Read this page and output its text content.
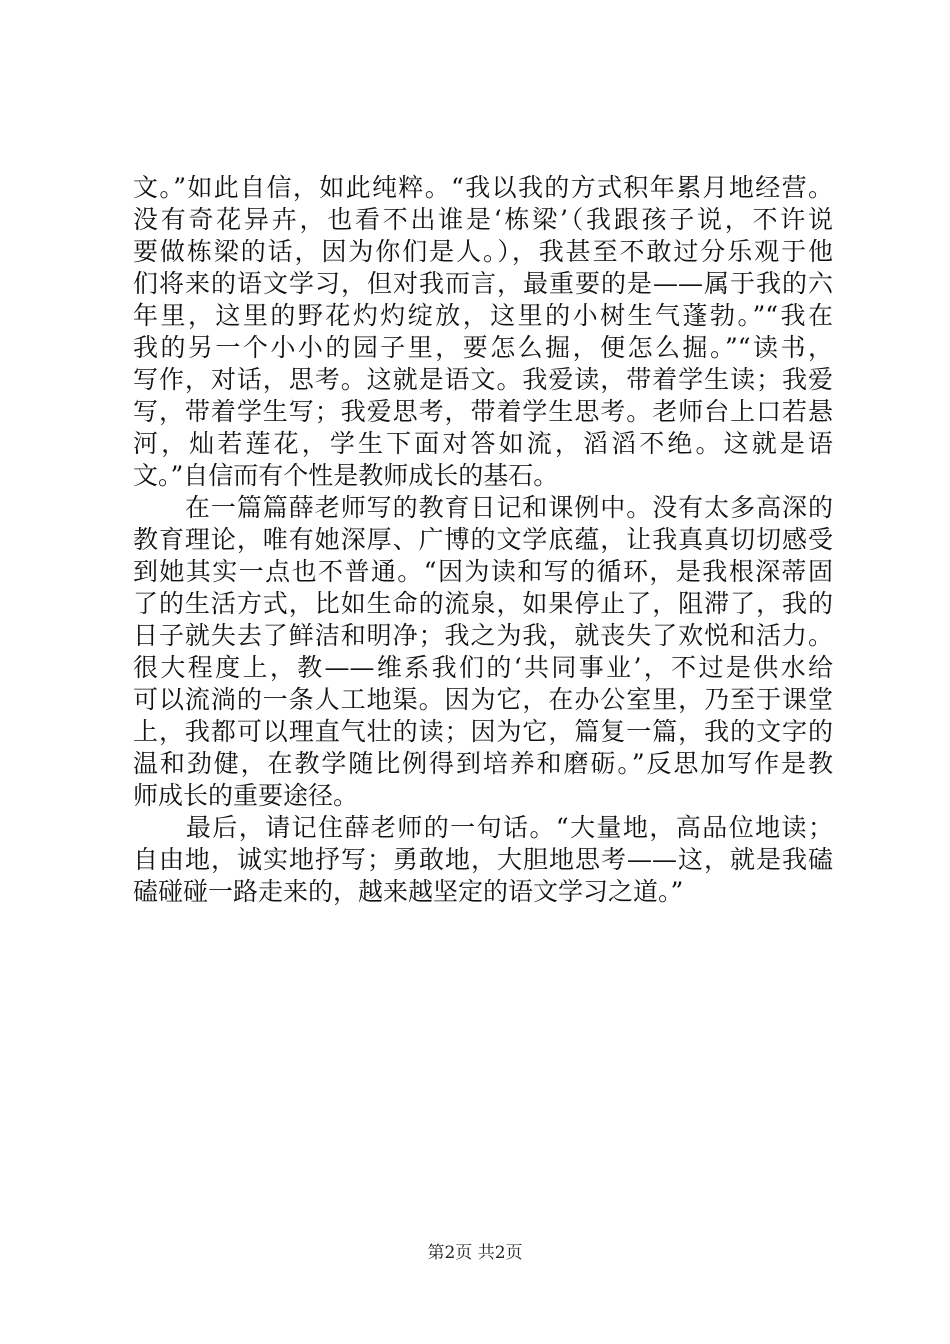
文。”如此自信，如此纯粹。“我以我的方式积年累月地经营。
没有奇花异卉，也看不出谁是‘栋梁’（我跟孩子说，不许说
要做栋梁的话，因为你们是人。），我甚至不敢过分乐观于他
们将来的语文学习，但对我而言，最重要的是——属于我的六
年里，这里的野花灼灼绽放，这里的小树生气蓬勃。”“我在
我的另一个小小的园子里，要怎么掘，便怎么掘。”“读书，
写作，对话，思考。这就是语文。我爱读，带着学生读；我爱
写，带着学生写；我爱思考，带着学生思考。老师台上口若悬
河，灿若莲花，学生下面对答如流，滔滔不绝。这就是语
文。”自信而有个性是教师成长的基石。
　　在一篇篇薛老师写的教育日记和课例中。没有太多高深的
教育理论，唯有她深厚、广博的文学底蕴，让我真真切切感受
到她其实一点也不普通。“因为读和写的循环，是我根深蒂固
了的生活方式，比如生命的流泉，如果停止了，阻滞了，我的
日子就失去了鲜洁和明净；我之为我，就丧失了欢悦和活力。
很大程度上，教——维系我们的‘共同事业’，不过是供水给
可以流淌的一条人工地渠。因为它，在办公室里，乃至于课堂
上，我都可以理直气壮的读；因为它，篇复一篇，我的文字的
温和劲健，在教学随比例得到培养和磨砺。”反思加写作是教
师成长的重要途径。
　　最后，请记住薛老师的一句话。“大量地，高品位地读；
自由地，诚实地抒写；勇敢地，大胆地思考——这，就是我磕
磕碰碰一路走来的，越来越坚定的语文学习之道。”
第2页 共2页
